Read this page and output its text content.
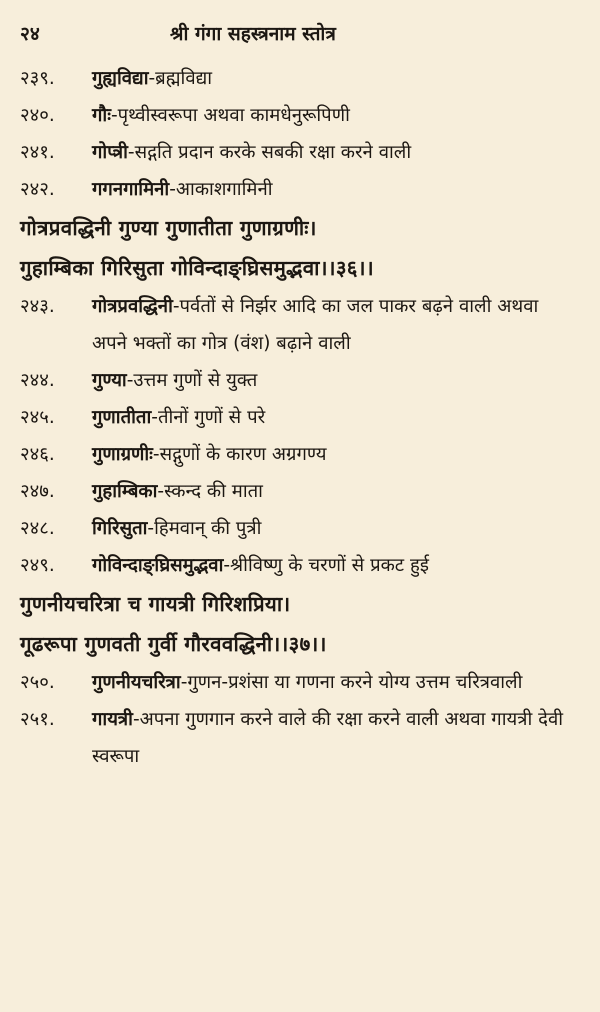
२४	श्री गंगा सहस्त्रनाम स्तोत्र
२३९.	गुह्यविद्या-ब्रह्मविद्या
२४०.	गौः-पृथ्वीस्वरूपा अथवा कामधेनुरूपिणी
२४१.	गोप्त्री-सद्गति प्रदान करके सबकी रक्षा करने वाली
२४२.	गगनगामिनी-आकाशगामिनी
गोत्रप्रवद्धिनी गुण्या गुणातीता गुणाग्रणीः।
गुहाम्बिका गिरिसुता गोविन्दाङ्घ्रिसमुद्भवा।।३६।।
२४३.	गोत्रप्रवद्धिनी-पर्वतों से निर्झर आदि का जल पाकर बढ़ने वाली अथवा अपने भक्तों का गोत्र (वंश) बढ़ाने वाली
२४४.	गुण्या-उत्तम गुणों से युक्त
२४५.	गुणातीता-तीनों गुणों से परे
२४६.	गुणाग्रणीः-सद्गुणों के कारण अग्रगण्य
२४७.	गुहाम्बिका-स्कन्द की माता
२४८.	गिरिसुता-हिमवान् की पुत्री
२४९.	गोविन्दाङ्घ्रिसमुद्भवा-श्रीविष्णु के चरणों से प्रकट हुई
गुणनीयचरित्रा च गायत्री गिरिशप्रिया।
गूढरूपा गुणवती गुर्वी गौरववद्धिनी।।३७।।
२५०.	गुणनीयचरित्रा-गुणन-प्रशंसा या गणना करने योग्य उत्तम चरित्रवाली
२५१.	गायत्री-अपना गुणगान करने वाले की रक्षा करने वाली अथवा गायत्री देवी स्वरूपा
